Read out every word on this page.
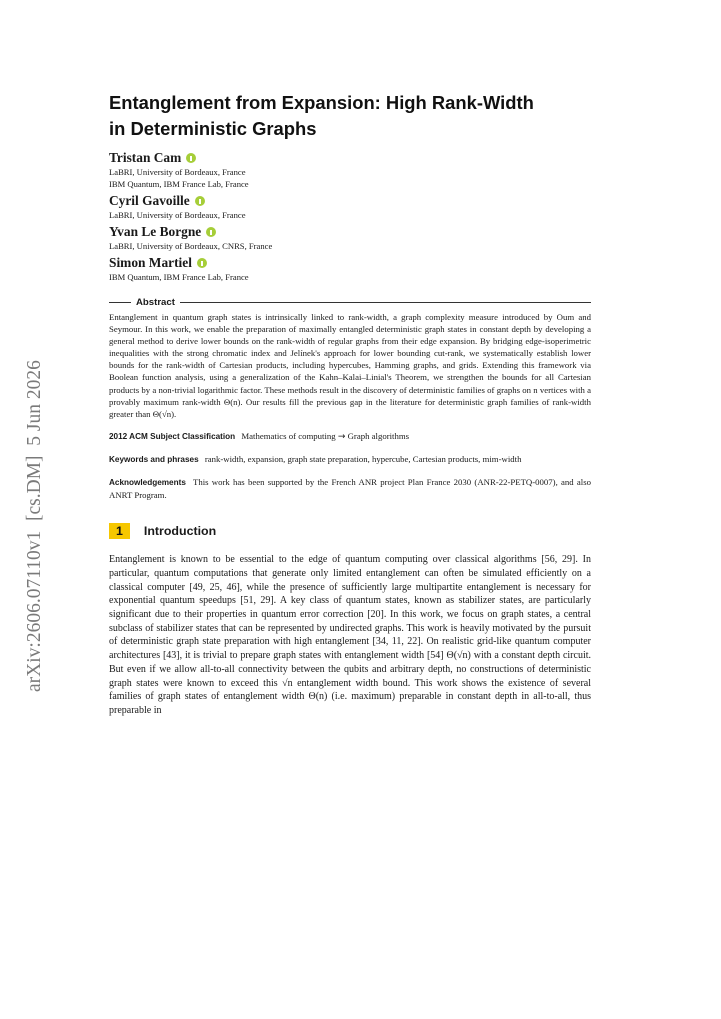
arXiv:2606.07110v1  [cs.DM]  5 Jun 2026
Entanglement from Expansion: High Rank-Width
in Deterministic Graphs
Tristan Cam
LaBRI, University of Bordeaux, France
IBM Quantum, IBM France Lab, France
Cyril Gavoille
LaBRI, University of Bordeaux, France
Yvan Le Borgne
LaBRI, University of Bordeaux, CNRS, France
Simon Martiel
IBM Quantum, IBM France Lab, France
Abstract
Entanglement in quantum graph states is intrinsically linked to rank-width, a graph complexity measure introduced by Oum and Seymour. In this work, we enable the preparation of maximally entangled deterministic graph states in constant depth by developing a general method to derive lower bounds on the rank-width of regular graphs from their edge expansion. By bridging edge-isoperimetric inequalities with the strong chromatic index and Jelínek's approach for lower bounding cut-rank, we systematically establish lower bounds for the rank-width of Cartesian products, including hypercubes, Hamming graphs, and grids. Extending this framework via Boolean function analysis, using a generalization of the Kahn–Kalai–Linial's Theorem, we strengthen the bounds for all Cartesian products by a non-trivial logarithmic factor. These methods result in the discovery of deterministic families of graphs on n vertices with a provably maximum rank-width Θ(n). Our results fill the previous gap in the literature for deterministic graph families of rank-width greater than Θ(√n).
2012 ACM Subject Classification Mathematics of computing → Graph algorithms
Keywords and phrases rank-width, expansion, graph state preparation, hypercube, Cartesian products, mim-width
Acknowledgements This work has been supported by the French ANR project Plan France 2030 (ANR-22-PETQ-0007), and also ANRT Program.
1	Introduction
Entanglement is known to be essential to the edge of quantum computing over classical algorithms [56, 29]. In particular, quantum computations that generate only limited entanglement can often be simulated efficiently on a classical computer [49, 25, 46], while the presence of sufficiently large multipartite entanglement is necessary for exponential quantum speedups [51, 29]. A key class of quantum states, known as stabilizer states, are particularly significant due to their properties in quantum error correction [20]. In this work, we focus on graph states, a central subclass of stabilizer states that can be represented by undirected graphs. This work is heavily motivated by the pursuit of deterministic graph state preparation with high entanglement [34, 11, 22]. On realistic grid-like quantum computer architectures [43], it is trivial to prepare graph states with entanglement width [54] Θ(√n) with a constant depth circuit. But even if we allow all-to-all connectivity between the qubits and arbitrary depth, no constructions of deterministic graph states were known to exceed this √n entanglement width bound. This work shows the existence of several families of graph states of entanglement width Θ(n) (i.e. maximum) preparable in constant depth in all-to-all, thus preparable in
